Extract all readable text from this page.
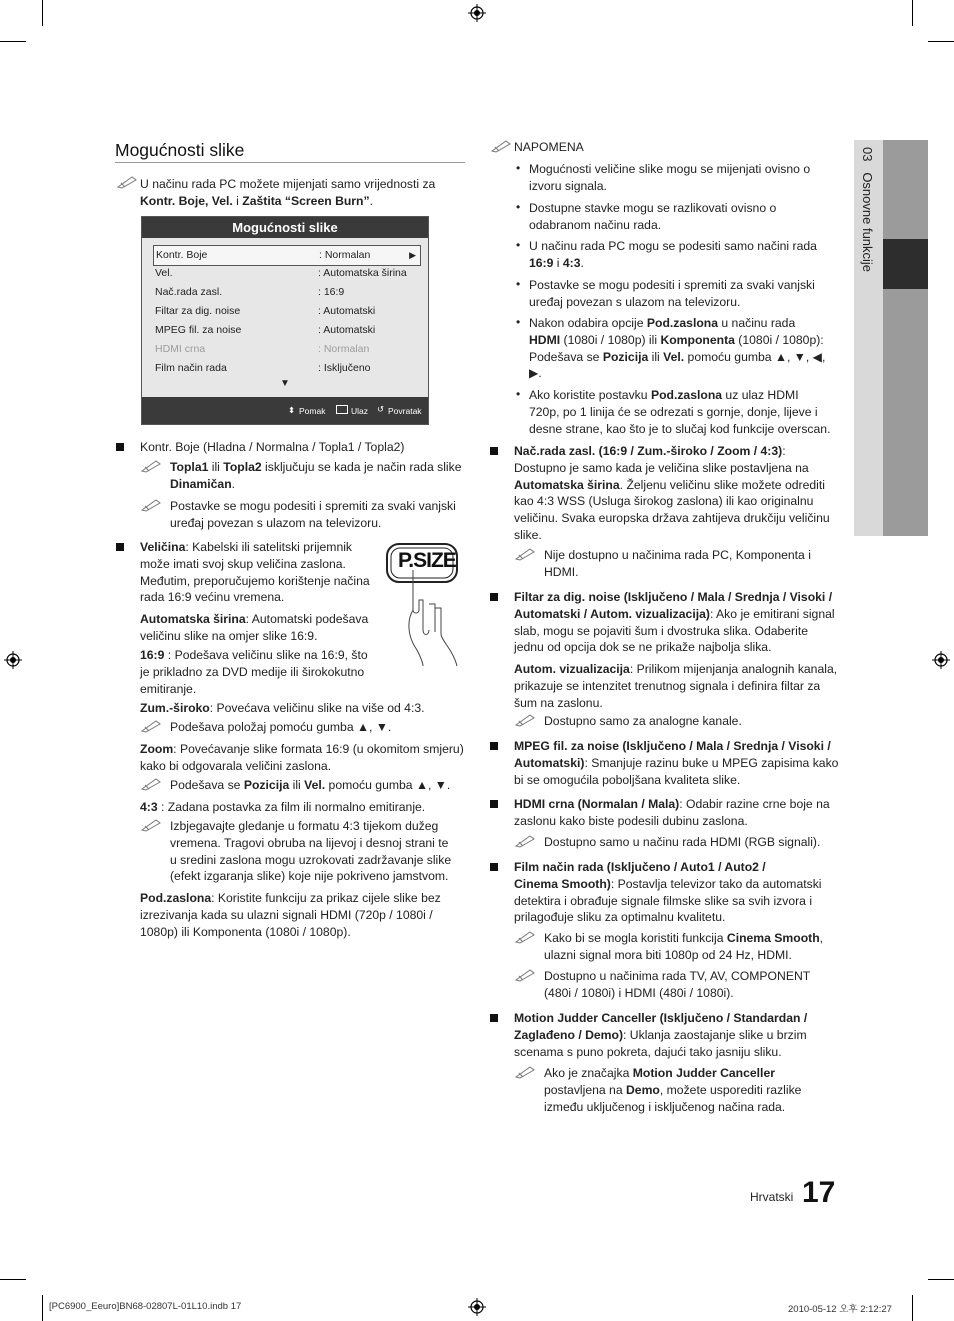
Mogućnosti slike

U načinu rada PC možete mijenjati samo vrijednosti za

Kontr. Boje, Vel. i Zaštita “Screen Burn”.

Mogućnosti slike
Kontr. Boje	: Normalan	▶
Vel.	: Automatska širina
Nač.rada zasl.	: 16:9
Filtar za dig. noise	: Automatski
MPEG fil. za noise	: Automatski
HDMI crna	: Normalan
Film način rada	: Isključeno
▼
⬍ Pomak	Ulaz ↺ Povratak
Kontr. Boje (Hladna / Normalna / Topla1 / Topla2)

Topla1 ili Topla2 isključuju se kada je način rada slike

Dinamičan.

Postavke se mogu podesiti i spremiti za svaki vanjski

uređaj povezan s ulazom na televizoru.

Veličina: Kabelski ili satelitski prijemnik

može imati svoj skup veličina zaslona.

Međutim, preporučujemo korištenje načina

rada 16:9 većinu vremena.

Automatska širina: Automatski podešava

veličinu slike na omjer slike 16:9.

16:9 : Podešava veličinu slike na 16:9, što

je prikladno za DVD medije ili širokokutno

emitiranje.

P.SIZE

Zum.-široko: Povećava veličinu slike na više od 4:3.

Podešava položaj pomoću gumba ▲, ▼.

Zoom: Povećavanje slike formata 16:9 (u okomitom smjeru)

kako bi odgovarala veličini zaslona.

Podešava se Pozicija ili Vel. pomoću gumba ▲, ▼.

4:3 : Zadana postavka za film ili normalno emitiranje.

Izbjegavajte gledanje u formatu 4:3 tijekom dužeg

vremena. Tragovi obruba na lijevoj i desnoj strani te

u sredini zaslona mogu uzrokovati zadržavanje slike

(efekt izgaranja slike) koje nije pokriveno jamstvom.

Pod.zaslona: Koristite funkciju za prikaz cijele slike bez

izrezivanja kada su ulazni signali HDMI (720p / 1080i /

1080p) ili Komponenta (1080i / 1080p).

NAPOMENA
• Mogućnosti veličine slike mogu se mijenjati ovisno o

izvoru signala.

• Dostupne stavke mogu se razlikovati ovisno o

odabranom načinu rada.

• U načinu rada PC mogu se podesiti samo načini rada

16:9 i 4:3.

• Postavke se mogu podesiti i spremiti za svaki vanjski

uređaj povezan s ulazom na televizoru.

• Nakon odabira opcije Pod.zaslona u načinu rada

HDMI (1080i / 1080p) ili Komponenta (1080i / 1080p):

Podešava se Pozicija ili Vel. pomoću gumba ▲, ▼, ◀,

▶.

• Ako koristite postavku Pod.zaslona uz ulaz HDMI

720p, po 1 linija će se odrezati s gornje, donje, lijeve i

desne strane, kao što je to slučaj kod funkcije overscan.

Nač.rada zasl. (16:9 / Zum.-široko / Zoom / 4:3):

Dostupno je samo kada je veličina slike postavljena na

Automatska širina. Željenu veličinu slike možete odrediti

kao 4:3 WSS (Usluga širokog zaslona) ili kao originalnu

veličinu. Svaka europska država zahtijeva drukčiju veličinu

slike.

Nije dostupno u načinima rada PC, Komponenta i

HDMI.

Filtar za dig. noise (Isključeno / Mala / Srednja / Visoki /

Automatski / Autom. vizualizacija): Ako je emitirani signal

slab, mogu se pojaviti šum i dvostruka slika. Odaberite

jednu od opcija dok se ne prikaže najbolja slika.

Autom. vizualizacija: Prilikom mijenjanja analognih kanala,

prikazuje se intenzitet trenutnog signala i definira filtar za

šum na zaslonu.

Dostupno samo za analogne kanale.

MPEG fil. za noise (Isključeno / Mala / Srednja / Visoki /

Automatski): Smanjuje razinu buke u MPEG zapisima kako

bi se omogućila poboljšana kvaliteta slike.

HDMI crna (Normalan / Mala): Odabir razine crne boje na

zaslonu kako biste podesili dubinu zaslona.

Dostupno samo u načinu rada HDMI (RGB signali).

Film način rada (Isključeno / Auto1 / Auto2 /

Cinema Smooth): Postavlja televizor tako da automatski

detektira i obrađuje signale filmske slike sa svih izvora i

prilagođuje sliku za optimalnu kvalitetu.

Kako bi se mogla koristiti funkcija Cinema Smooth,

ulazni signal mora biti 1080p od 24 Hz, HDMI.

Dostupno u načinima rada TV, AV, COMPONENT

(480i / 1080i) i HDMI (480i / 1080i).

Motion Judder Canceller (Isključeno / Standardan /

Zaglađeno / Demo): Uklanja zaostajanje slike u brzim

scenama s puno pokreta, dajući tako jasniju sliku.

Ako je značajka Motion Judder Canceller

postavljena na Demo, možete usporediti razlike

između uključenog i isključenog načina rada.

03   Osnovne funkcije
Hrvatski 17
[PC6900_Eeuro]BN68-02807L-01L10.indb 17	2010-05-12 오후 2:12:27
